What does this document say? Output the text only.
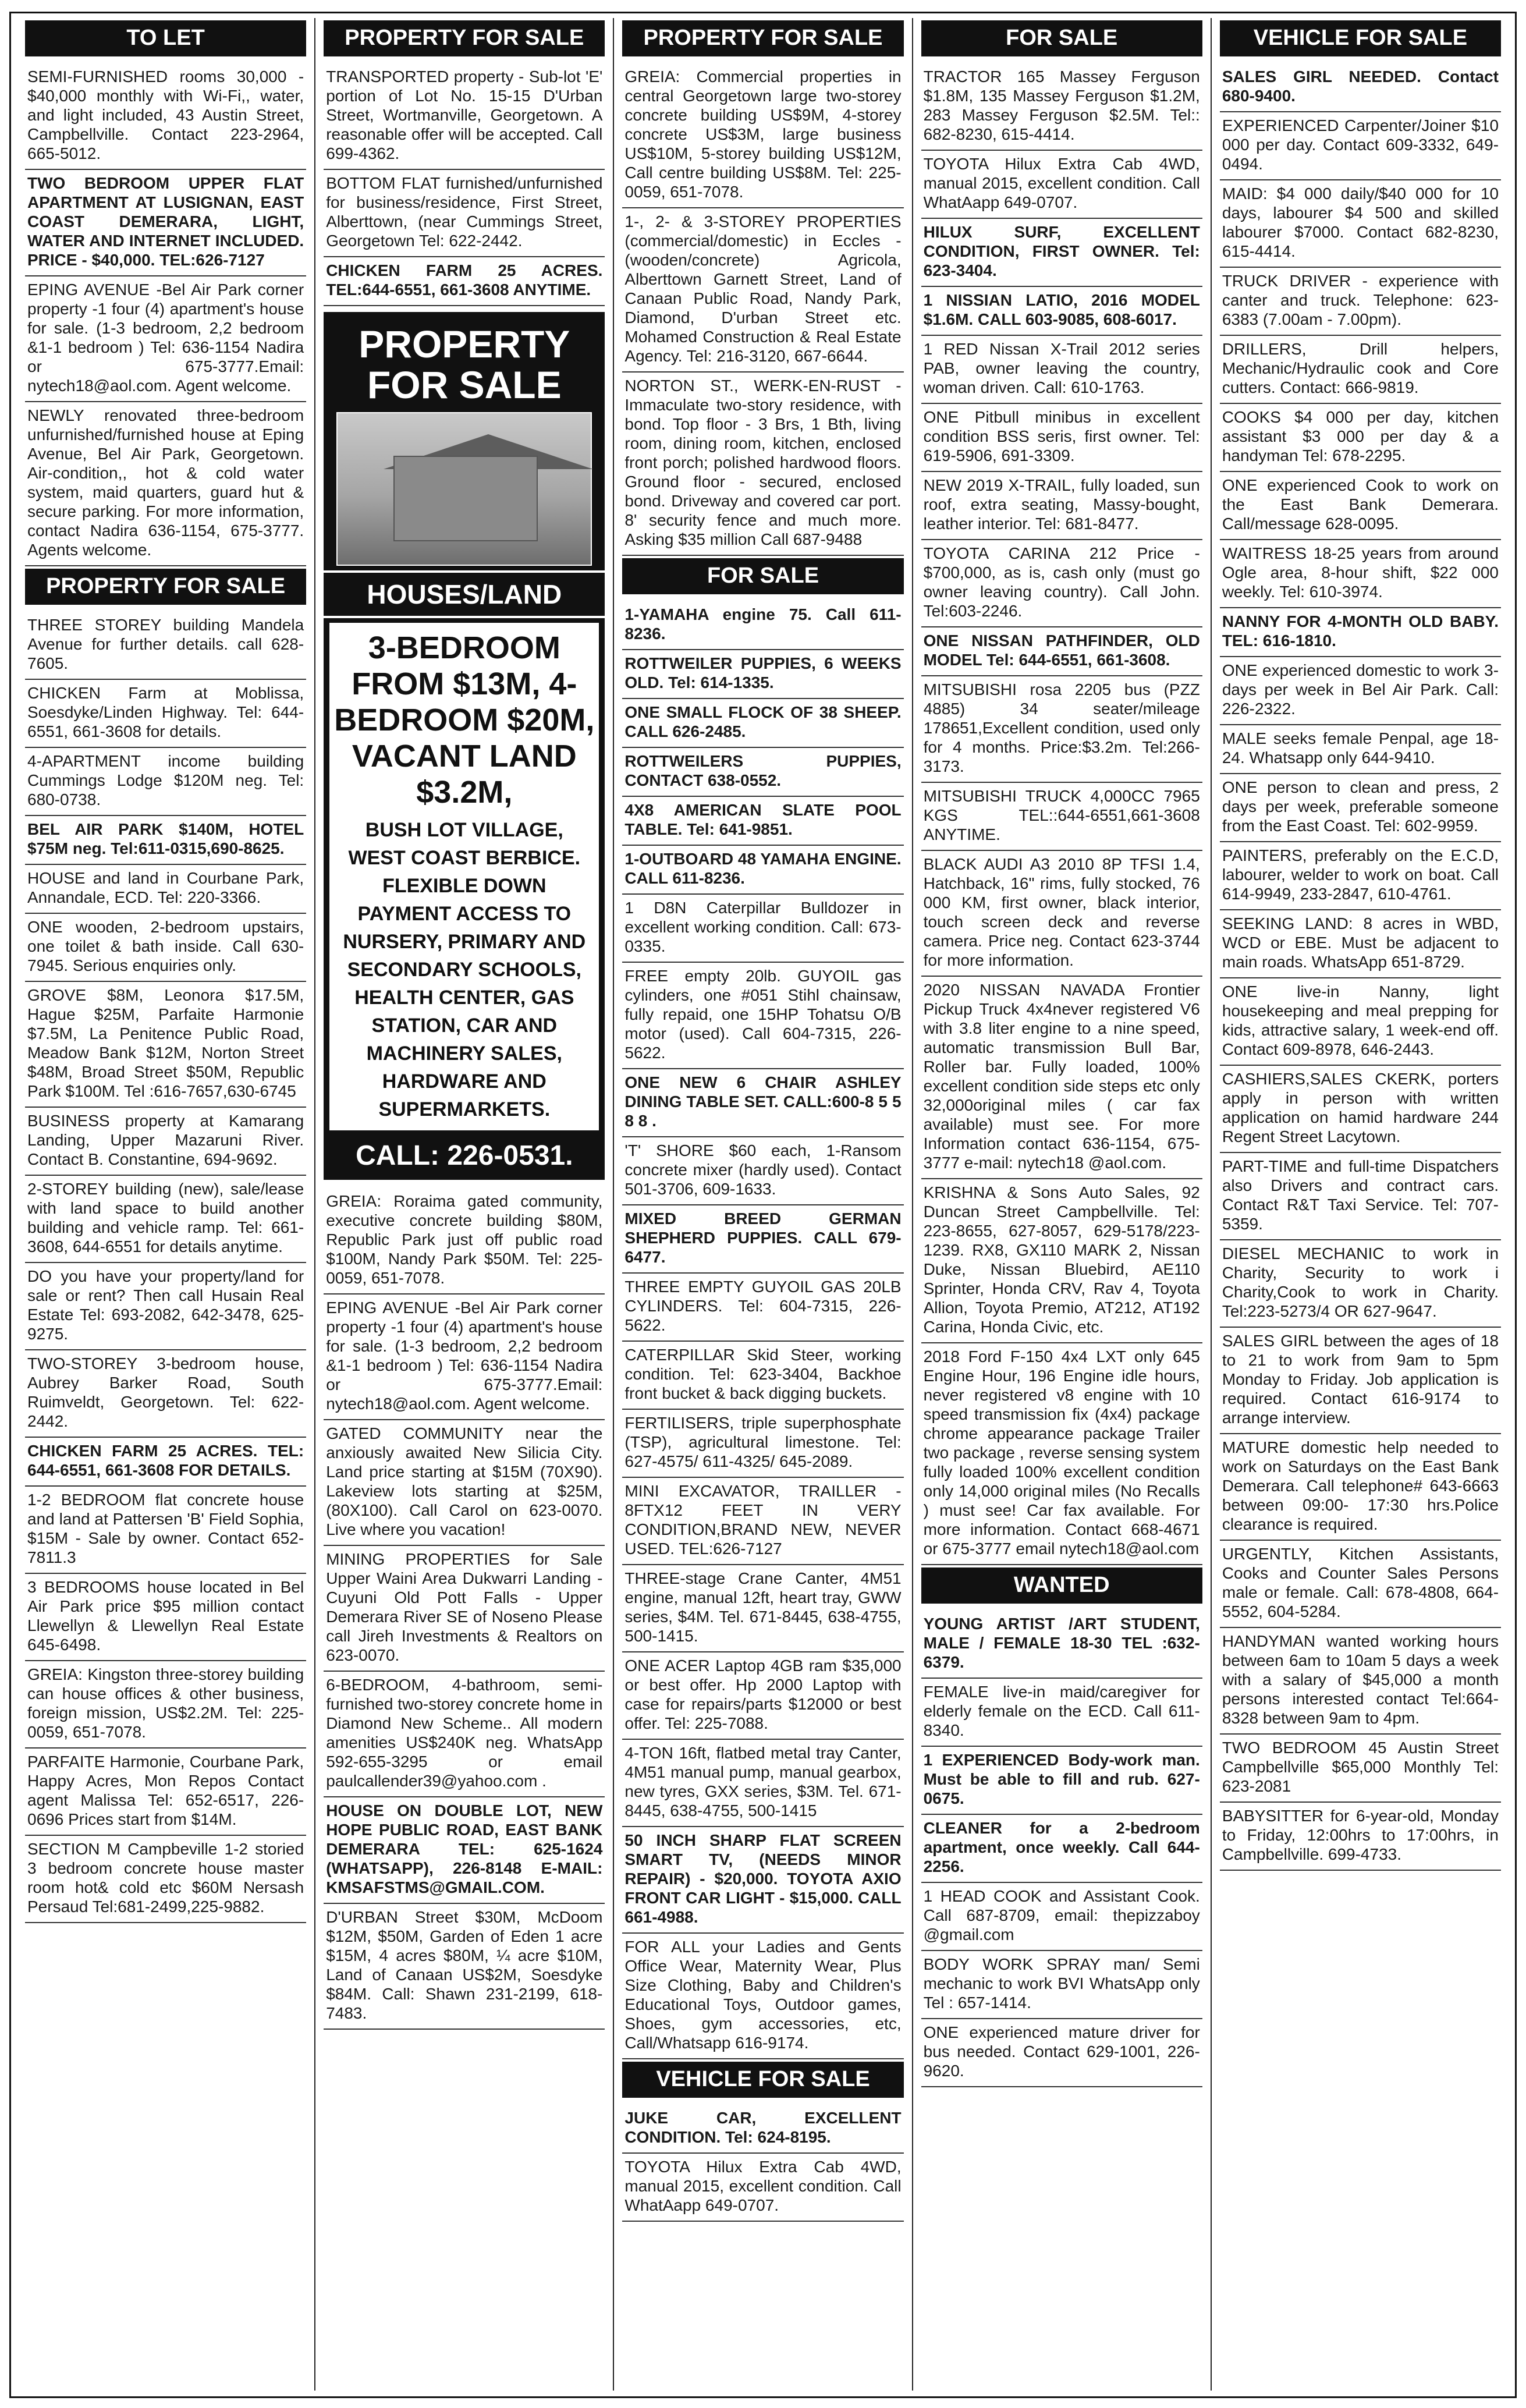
TO LET
SEMI-FURNISHED rooms 30,000 - $40,000 monthly with Wi-Fi,, water, and light included, 43 Austin Street, Campbellville. Contact 223-2964, 665-5012.
TWO BEDROOM UPPER FLAT APARTMENT AT LUSIGNAN, EAST COAST DEMERARA, LIGHT, WATER AND INTERNET INCLUDED. PRICE - $40,000. TEL:626-7127
EPING AVENUE -Bel Air Park corner property -1 four (4) apartment's house for sale. (1-3 bedroom, 2,2 bedroom &1-1 bedroom ) Tel: 636-1154 Nadira or 675-3777.Email: nytech18@aol.com. Agent welcome.
NEWLY renovated three-bedroom unfurnished/furnished house at Eping Avenue, Bel Air Park, Georgetown. Air-condition,, hot & cold water system, maid quarters, guard hut & secure parking. For more information, contact Nadira 636-1154, 675-3777. Agents welcome.
PROPERTY FOR SALE
THREE STOREY building Mandela Avenue for further details. call 628-7605.
CHICKEN Farm at Moblissa, Soesdyke/Linden Highway. Tel: 644-6551, 661-3608 for details.
4-APARTMENT income building Cummings Lodge $120M neg. Tel: 680-0738.
BEL AIR PARK $140M, HOTEL $75M neg. Tel:611-0315,690-8625.
HOUSE and land in Courbane Park, Annandale, ECD. Tel: 220-3366.
ONE wooden, 2-bedroom upstairs, one toilet & bath inside. Call 630-7945. Serious enquiries only.
GROVE $8M, Leonora $17.5M, Hague $25M, Parfaite Harmonie $7.5M, La Penitence Public Road, Meadow Bank $12M, Norton Street $48M, Broad Street $50M, Republic Park $100M. Tel :616-7657,630-6745
BUSINESS property at Kamarang Landing, Upper Mazaruni River. Contact B. Constantine, 694-9692.
2-STOREY building (new), sale/lease with land space to build another building and vehicle ramp. Tel: 661-3608, 644-6551 for details anytime.
DO you have your property/land for sale or rent? Then call Husain Real Estate Tel: 693-2082, 642-3478, 625-9275.
TWO-STOREY 3-bedroom house, Aubrey Barker Road, South Ruimveldt, Georgetown. Tel: 622-2442.
CHICKEN FARM 25 ACRES. TEL: 644-6551, 661-3608 FOR DETAILS.
1-2 BEDROOM flat concrete house and land at Pattersen 'B' Field Sophia, $15M - Sale by owner. Contact 652-7811.3
3 BEDROOMS house located in Bel Air Park price $95 million contact Llewellyn & Llewellyn Real Estate 645-6498.
GREIA: Kingston three-storey building can house offices & other business, foreign mission, US$2.2M. Tel: 225-0059, 651-7078.
PARFAITE Harmonie, Courbane Park, Happy Acres, Mon Repos Contact agent Malissa Tel: 652-6517, 226-0696 Prices start from $14M.
SECTION M Campbeville 1-2 storied 3 bedroom concrete house master room hot& cold etc $60M Nersash Persaud Tel:681-2499,225-9882.
PROPERTY FOR SALE
TRANSPORTED property - Sub-lot 'E' portion of Lot No. 15-15 D'Urban Street, Wortmanville, Georgetown. A reasonable offer will be accepted. Call 699-4362.
BOTTOM FLAT furnished/unfurnished for business/residence, First Street, Alberttown, (near Cummings Street, Georgetown Tel: 622-2442.
CHICKEN FARM 25 ACRES. TEL:644-6551, 661-3608 ANYTIME.
PROPERTY FOR SALE
HOUSES/LAND
3-BEDROOM FROM $13M, 4-BEDROOM $20M, VACANT LAND $3.2M,
BUSH LOT VILLAGE, WEST COAST BERBICE. FLEXIBLE DOWN PAYMENT ACCESS TO NURSERY, PRIMARY AND SECONDARY SCHOOLS, HEALTH CENTER, GAS STATION, CAR AND MACHINERY SALES, HARDWARE AND SUPERMARKETS.
CALL: 226-0531.
GREIA: Roraima gated community, executive concrete building $80M, Republic Park just off public road $100M, Nandy Park $50M. Tel: 225-0059, 651-7078.
EPING AVENUE -Bel Air Park corner property -1 four (4) apartment's house for sale. (1-3 bedroom, 2,2 bedroom &1-1 bedroom ) Tel: 636-1154 Nadira or 675-3777.Email: nytech18@aol.com. Agent welcome.
GATED COMMUNITY near the anxiously awaited New Silicia City. Land price starting at $15M (70X90). Lakeview lots starting at $25M, (80X100). Call Carol on 623-0070. Live where you vacation!
MINING PROPERTIES for Sale Upper Waini Area Dukwarri Landing -Cuyuni Old Pott Falls - Upper Demerara River SE of Noseno Please call Jireh Investments & Realtors on 623-0070.
6-BEDROOM, 4-bathroom, semi-furnished two-storey concrete home in Diamond New Scheme.. All modern amenities US$240K neg. WhatsApp 592-655-3295 or email paulcallender39@yahoo.com .
HOUSE ON DOUBLE LOT, NEW HOPE PUBLIC ROAD, EAST BANK DEMERARA TEL: 625-1624 (WHATSAPP), 226-8148 E-MAIL: KMSAFSTMS@GMAIL.COM.
D'URBAN Street $30M, McDoom $12M, $50M, Garden of Eden 1 acre $15M, 4 acres $80M, ¼ acre $10M, Land of Canaan US$2M, Soesdyke $84M. Call: Shawn 231-2199, 618-7483.
PROPERTY FOR SALE
GREIA: Commercial properties in central Georgetown large two-storey concrete building US$9M, 4-storey concrete US$3M, large business US$10M, 5-storey building US$12M, Call centre building US$8M. Tel: 225-0059, 651-7078.
1-, 2- & 3-STOREY PROPERTIES (commercial/domestic) in Eccles - (wooden/concrete) Agricola, Alberttown Garnett Street, Land of Canaan Public Road, Nandy Park, Diamond, D'urban Street etc. Mohamed Construction & Real Estate Agency. Tel: 216-3120, 667-6644.
NORTON ST., WERK-EN-RUST - Immaculate two-story residence, with bond. Top floor - 3 Brs, 1 Bth, living room, dining room, kitchen, enclosed front porch; polished hardwood floors. Ground floor - secured, enclosed bond. Driveway and covered car port. 8' security fence and much more. Asking $35 million Call 687-9488
FOR SALE
1-YAMAHA engine 75. Call 611-8236.
ROTTWEILER PUPPIES, 6 WEEKS OLD. Tel: 614-1335.
ONE SMALL FLOCK OF 38 SHEEP. CALL 626-2485.
ROTTWEILERS PUPPIES, CONTACT 638-0552.
4X8 AMERICAN SLATE POOL TABLE. Tel: 641-9851.
1-OUTBOARD 48 YAMAHA ENGINE. CALL 611-8236.
1 D8N Caterpillar Bulldozer in excellent working condition. Call: 673-0335.
FREE empty 20lb. GUYOIL gas cylinders, one #051 Stihl chainsaw, fully repaid, one 15HP Tohatsu O/B motor (used). Call 604-7315, 226-5622.
ONE NEW 6 CHAIR ASHLEY DINING TABLE SET. CALL:600-8 5 5 8 8 .
'T' SHORE $60 each, 1-Ransom concrete mixer (hardly used). Contact 501-3706, 609-1633.
MIXED BREED GERMAN SHEPHERD PUPPIES. CALL 679-6477.
THREE EMPTY GUYOIL GAS 20LB CYLINDERS. Tel: 604-7315, 226-5622.
CATERPILLAR Skid Steer, working condition. Tel: 623-3404, Backhoe front bucket & back digging buckets.
FERTILISERS, triple superphosphate (TSP), agricultural limestone. Tel: 627-4575/ 611-4325/ 645-2089.
MINI EXCAVATOR, TRAILLER - 8FTX12 FEET IN VERY CONDITION,BRAND NEW, NEVER USED. TEL:626-7127
THREE-stage Crane Canter, 4M51 engine, manual 12ft, heart tray, GWW series, $4M. Tel. 671-8445, 638-4755, 500-1415.
ONE ACER Laptop 4GB ram $35,000 or best offer. Hp 2000 Laptop with case for repairs/parts $12000 or best offer. Tel: 225-7088.
4-TON 16ft, flatbed metal tray Canter, 4M51 manual pump, manual gearbox, new tyres, GXX series, $3M. Tel. 671-8445, 638-4755, 500-1415
50 INCH SHARP FLAT SCREEN SMART TV, (NEEDS MINOR REPAIR) - $20,000. TOYOTA AXIO FRONT CAR LIGHT - $15,000. CALL 661-4988.
FOR ALL your Ladies and Gents Office Wear, Maternity Wear, Plus Size Clothing, Baby and Children's Educational Toys, Outdoor games, Shoes, gym accessories, etc, Call/Whatsapp 616-9174.
VEHICLE FOR SALE
JUKE CAR, EXCELLENT CONDITION. Tel: 624-8195.
TOYOTA Hilux Extra Cab 4WD, manual 2015, excellent condition. Call WhatAapp 649-0707.
FOR SALE
TRACTOR 165 Massey Ferguson $1.8M, 135 Massey Ferguson $1.2M, 283 Massey Ferguson $2.5M. Tel:: 682-8230, 615-4414.
TOYOTA Hilux Extra Cab 4WD, manual 2015, excellent condition. Call WhatAapp 649-0707.
HILUX SURF, EXCELLENT CONDITION, FIRST OWNER. Tel: 623-3404.
1 NISSIAN LATIO, 2016 MODEL $1.6M. CALL 603-9085, 608-6017.
1 RED Nissan X-Trail 2012 series PAB, owner leaving the country, woman driven. Call: 610-1763.
ONE Pitbull minibus in excellent condition BSS seris, first owner. Tel: 619-5906, 691-3309.
NEW 2019 X-TRAIL, fully loaded, sun roof, extra seating, Massy-bought, leather interior. Tel: 681-8477.
TOYOTA CARINA 212 Price - $700,000, as is, cash only (must go owner leaving country). Call John. Tel:603-2246.
ONE NISSAN PATHFINDER, OLD MODEL Tel: 644-6551, 661-3608.
MITSUBISHI rosa 2205 bus (PZZ 4885) 34 seater/mileage 178651,Excellent condition, used only for 4 months. Price:$3.2m. Tel:266-3173.
MITSUBISHI TRUCK 4,000CC 7965 KGS TEL::644-6551,661-3608 ANYTIME.
BLACK AUDI A3 2010 8P TFSI 1.4, Hatchback, 16" rims, fully stocked, 76 000 KM, first owner, black interior, touch screen deck and reverse camera. Price neg. Contact 623-3744 for more information.
2020 NISSAN NAVADA Frontier Pickup Truck 4x4never registered V6 with 3.8 liter engine to a nine speed, automatic transmission Bull Bar, Roller bar. Fully loaded, 100% excellent condition side steps etc only 32,000original miles ( car fax available) must see. For more Information contact 636-1154, 675-3777 e-mail: nytech18 @aol.com.
KRISHNA & Sons Auto Sales, 92 Duncan Street Campbellville. Tel: 223-8655, 627-8057, 629-5178/223-1239. RX8, GX110 MARK 2, Nissan Duke, Nissan Bluebird, AE110 Sprinter, Honda CRV, Rav 4, Toyota Allion, Toyota Premio, AT212, AT192 Carina, Honda Civic, etc.
2018 Ford F-150 4x4 LXT only 645 Engine Hour, 196 Engine idle hours, never registered v8 engine with 10 speed transmission fix (4x4) package chrome appearance package Trailer two package , reverse sensing system fully loaded 100% excellent condition only 14,000 original miles (No Recalls ) must see! Car fax available. For more information. Contact 668-4671 or 675-3777 email nytech18@aol.com
WANTED
YOUNG ARTIST /ART STUDENT, MALE / FEMALE 18-30 TEL :632-6379.
FEMALE live-in maid/caregiver for elderly female on the ECD. Call 611-8340.
1 EXPERIENCED Body-work man. Must be able to fill and rub. 627-0675.
CLEANER for a 2-bedroom apartment, once weekly. Call 644-2256.
1 HEAD COOK and Assistant Cook. Call 687-8709, email: thepizzaboy @gmail.com
BODY WORK SPRAY man/ Semi mechanic to work BVI WhatsApp only Tel : 657-1414.
ONE experienced mature driver for bus needed. Contact 629-1001, 226-9620.
VEHICLE FOR SALE
SALES GIRL NEEDED. Contact 680-9400.
EXPERIENCED Carpenter/Joiner $10 000 per day. Contact 609-3332, 649-0494.
MAID: $4 000 daily/$40 000 for 10 days, labourer $4 500 and skilled labourer $7000. Contact 682-8230, 615-4414.
TRUCK DRIVER - experience with canter and truck. Telephone: 623-6383 (7.00am - 7.00pm).
DRILLERS, Drill helpers, Mechanic/Hydraulic cook and Core cutters. Contact: 666-9819.
COOKS $4 000 per day, kitchen assistant $3 000 per day & a handyman Tel: 678-2295.
ONE experienced Cook to work on the East Bank Demerara. Call/message 628-0095.
WAITRESS 18-25 years from around Ogle area, 8-hour shift, $22 000 weekly. Tel: 610-3974.
NANNY FOR 4-MONTH OLD BABY. TEL: 616-1810.
ONE experienced domestic to work 3-days per week in Bel Air Park. Call: 226-2322.
MALE seeks female Penpal, age 18-24. Whatsapp only 644-9410.
ONE person to clean and press, 2 days per week, preferable someone from the East Coast. Tel: 602-9959.
PAINTERS, preferably on the E.C.D, labourer, welder to work on boat. Call 614-9949, 233-2847, 610-4761.
SEEKING LAND: 8 acres in WBD, WCD or EBE. Must be adjacent to main roads. WhatsApp 651-8729.
ONE live-in Nanny, light housekeeping and meal prepping for kids, attractive salary, 1 week-end off. Contact 609-8978, 646-2443.
CASHIERS,SALES CKERK, porters apply in person with written application on hamid hardware 244 Regent Street Lacytown.
PART-TIME and full-time Dispatchers also Drivers and contract cars. Contact R&T Taxi Service. Tel: 707-5359.
DIESEL MECHANIC to work in Charity, Security to work i Charity,Cook to work in Charity. Tel:223-5273/4 OR 627-9647.
SALES GIRL between the ages of 18 to 21 to work from 9am to 5pm Monday to Friday. Job application is required. Contact 616-9174 to arrange interview.
MATURE domestic help needed to work on Saturdays on the East Bank Demerara. Call telephone# 643-6663 between 09:00- 17:30 hrs.Police clearance is required.
URGENTLY, Kitchen Assistants, Cooks and Counter Sales Persons male or female. Call: 678-4808, 664-5552, 604-5284.
HANDYMAN wanted working hours between 6am to 10am 5 days a week with a salary of $45,000 a month persons interested contact Tel:664-8328 between 9am to 4pm.
TWO BEDROOM 45 Austin Street Campbellville $65,000 Monthly Tel: 623-2081
BABYSITTER for 6-year-old, Monday to Friday, 12:00hrs to 17:00hrs, in Campbellville. 699-4733.
